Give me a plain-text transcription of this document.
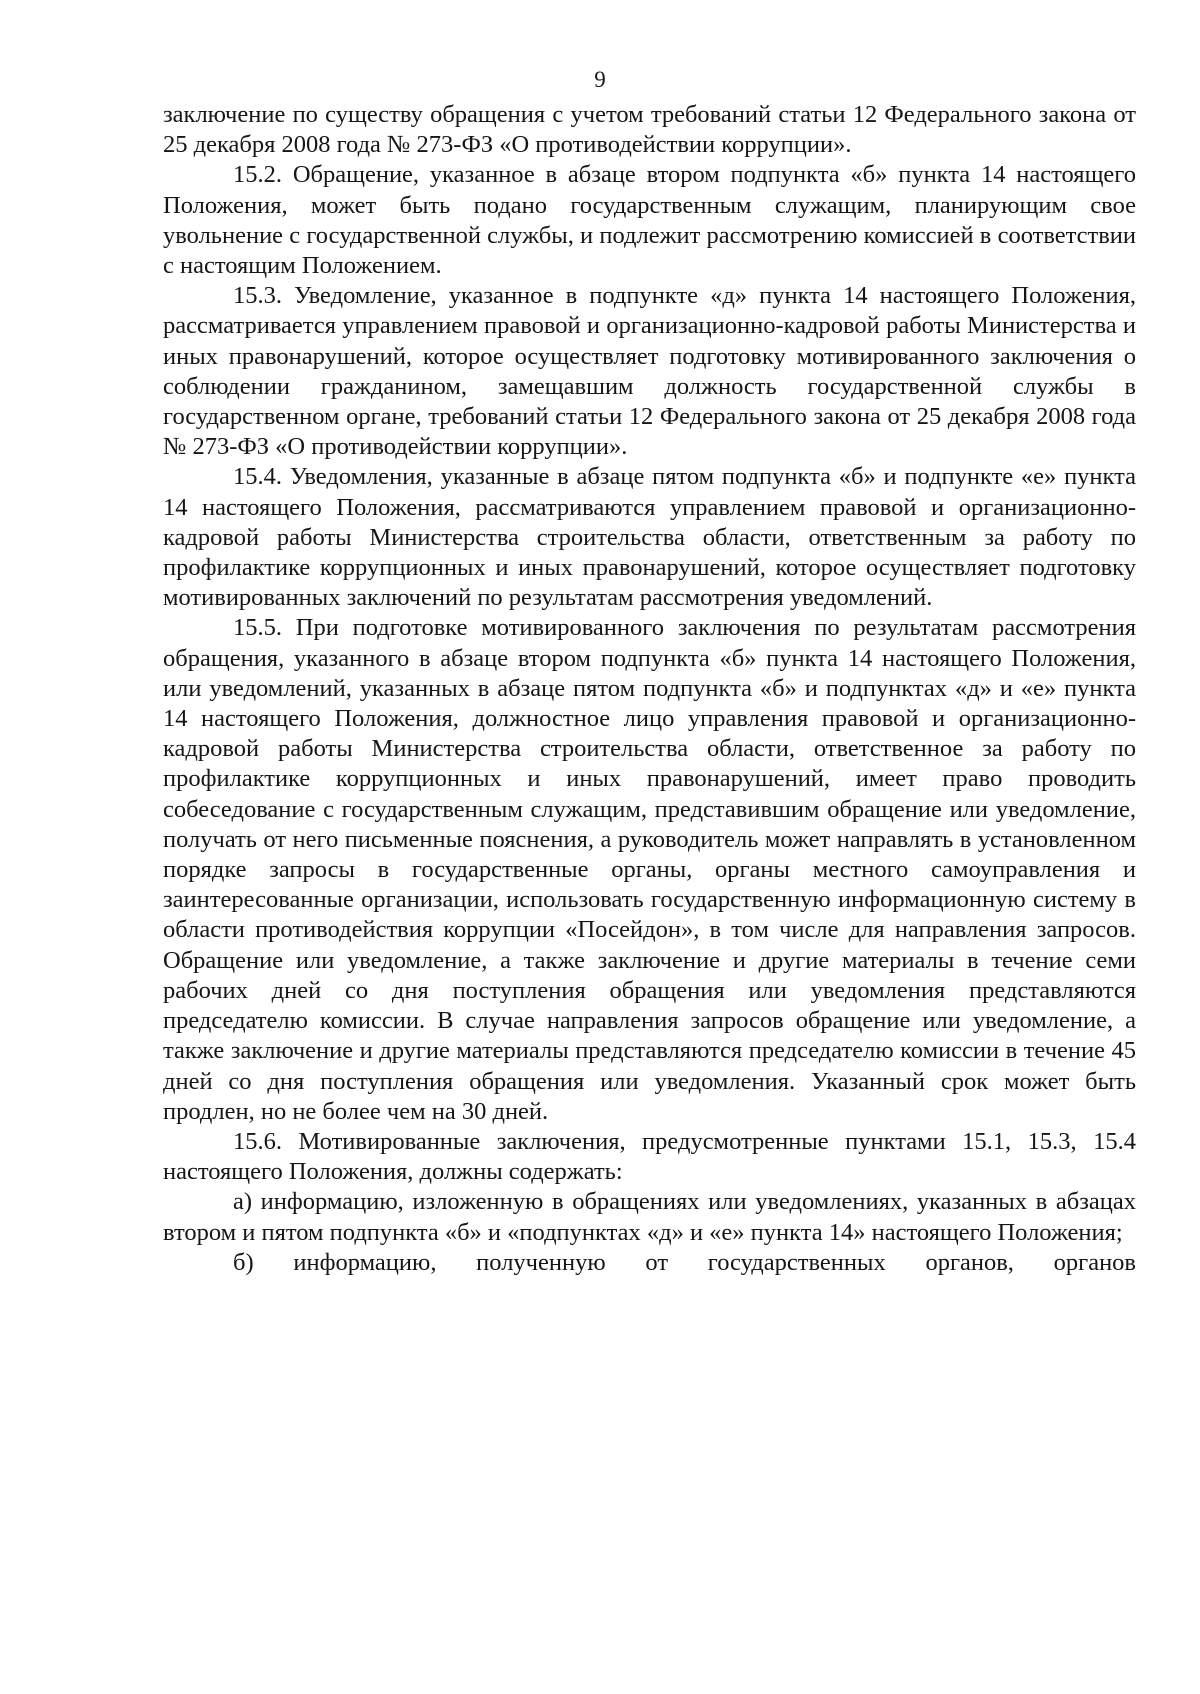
9

заключение по существу обращения с учетом требований статьи 12 Федерального закона от 25 декабря 2008 года № 273-ФЗ «О противодействии коррупции».

15.2. Обращение, указанное в абзаце втором подпункта «б» пункта 14 настоящего Положения, может быть подано государственным служащим, планирующим свое увольнение с государственной службы, и подлежит рассмотрению комиссией в соответствии с настоящим Положением.

15.3. Уведомление, указанное в подпункте «д» пункта 14 настоящего Положения, рассматривается управлением правовой и организационно-кадровой работы Министерства и иных правонарушений, которое осуществляет подготовку мотивированного заключения о соблюдении гражданином, замещавшим должность государственной службы в государственном органе, требований статьи 12 Федерального закона от 25 декабря 2008 года № 273-ФЗ «О противодействии коррупции».

15.4. Уведомления, указанные в абзаце пятом подпункта «б» и подпункте «е» пункта 14 настоящего Положения, рассматриваются управлением правовой и организационно-кадровой работы Министерства строительства области, ответственным за работу по профилактике коррупционных и иных правонарушений, которое осуществляет подготовку мотивированных заключений по результатам рассмотрения уведомлений.

15.5. При подготовке мотивированного заключения по результатам рассмотрения обращения, указанного в абзаце втором подпункта «б» пункта 14 настоящего Положения, или уведомлений, указанных в абзаце пятом подпункта «б» и подпунктах «д» и «е» пункта 14 настоящего Положения, должностное лицо управления правовой и организационно-кадровой работы Министерства строительства области, ответственное за работу по профилактике коррупционных и иных правонарушений, имеет право проводить собеседование с государственным служащим, представившим обращение или уведомление, получать от него письменные пояснения, а руководитель может направлять в установленном порядке запросы в государственные органы, органы местного самоуправления и заинтересованные организации, использовать государственную информационную систему в области противодействия коррупции «Посейдон», в том числе для направления запросов. Обращение или уведомление, а также заключение и другие материалы в течение семи рабочих дней со дня поступления обращения или уведомления представляются председателю комиссии. В случае направления запросов обращение или уведомление, а также заключение и другие материалы представляются председателю комиссии в течение 45 дней со дня поступления обращения или уведомления. Указанный срок может быть продлен, но не более чем на 30 дней.

15.6. Мотивированные заключения, предусмотренные пунктами 15.1, 15.3, 15.4 настоящего Положения, должны содержать:

а) информацию, изложенную в обращениях или уведомлениях, указанных в абзацах втором и пятом подпункта «б» и «подпунктах «д» и «е» пункта 14» настоящего Положения;

б) информацию, полученную от государственных органов, органов
